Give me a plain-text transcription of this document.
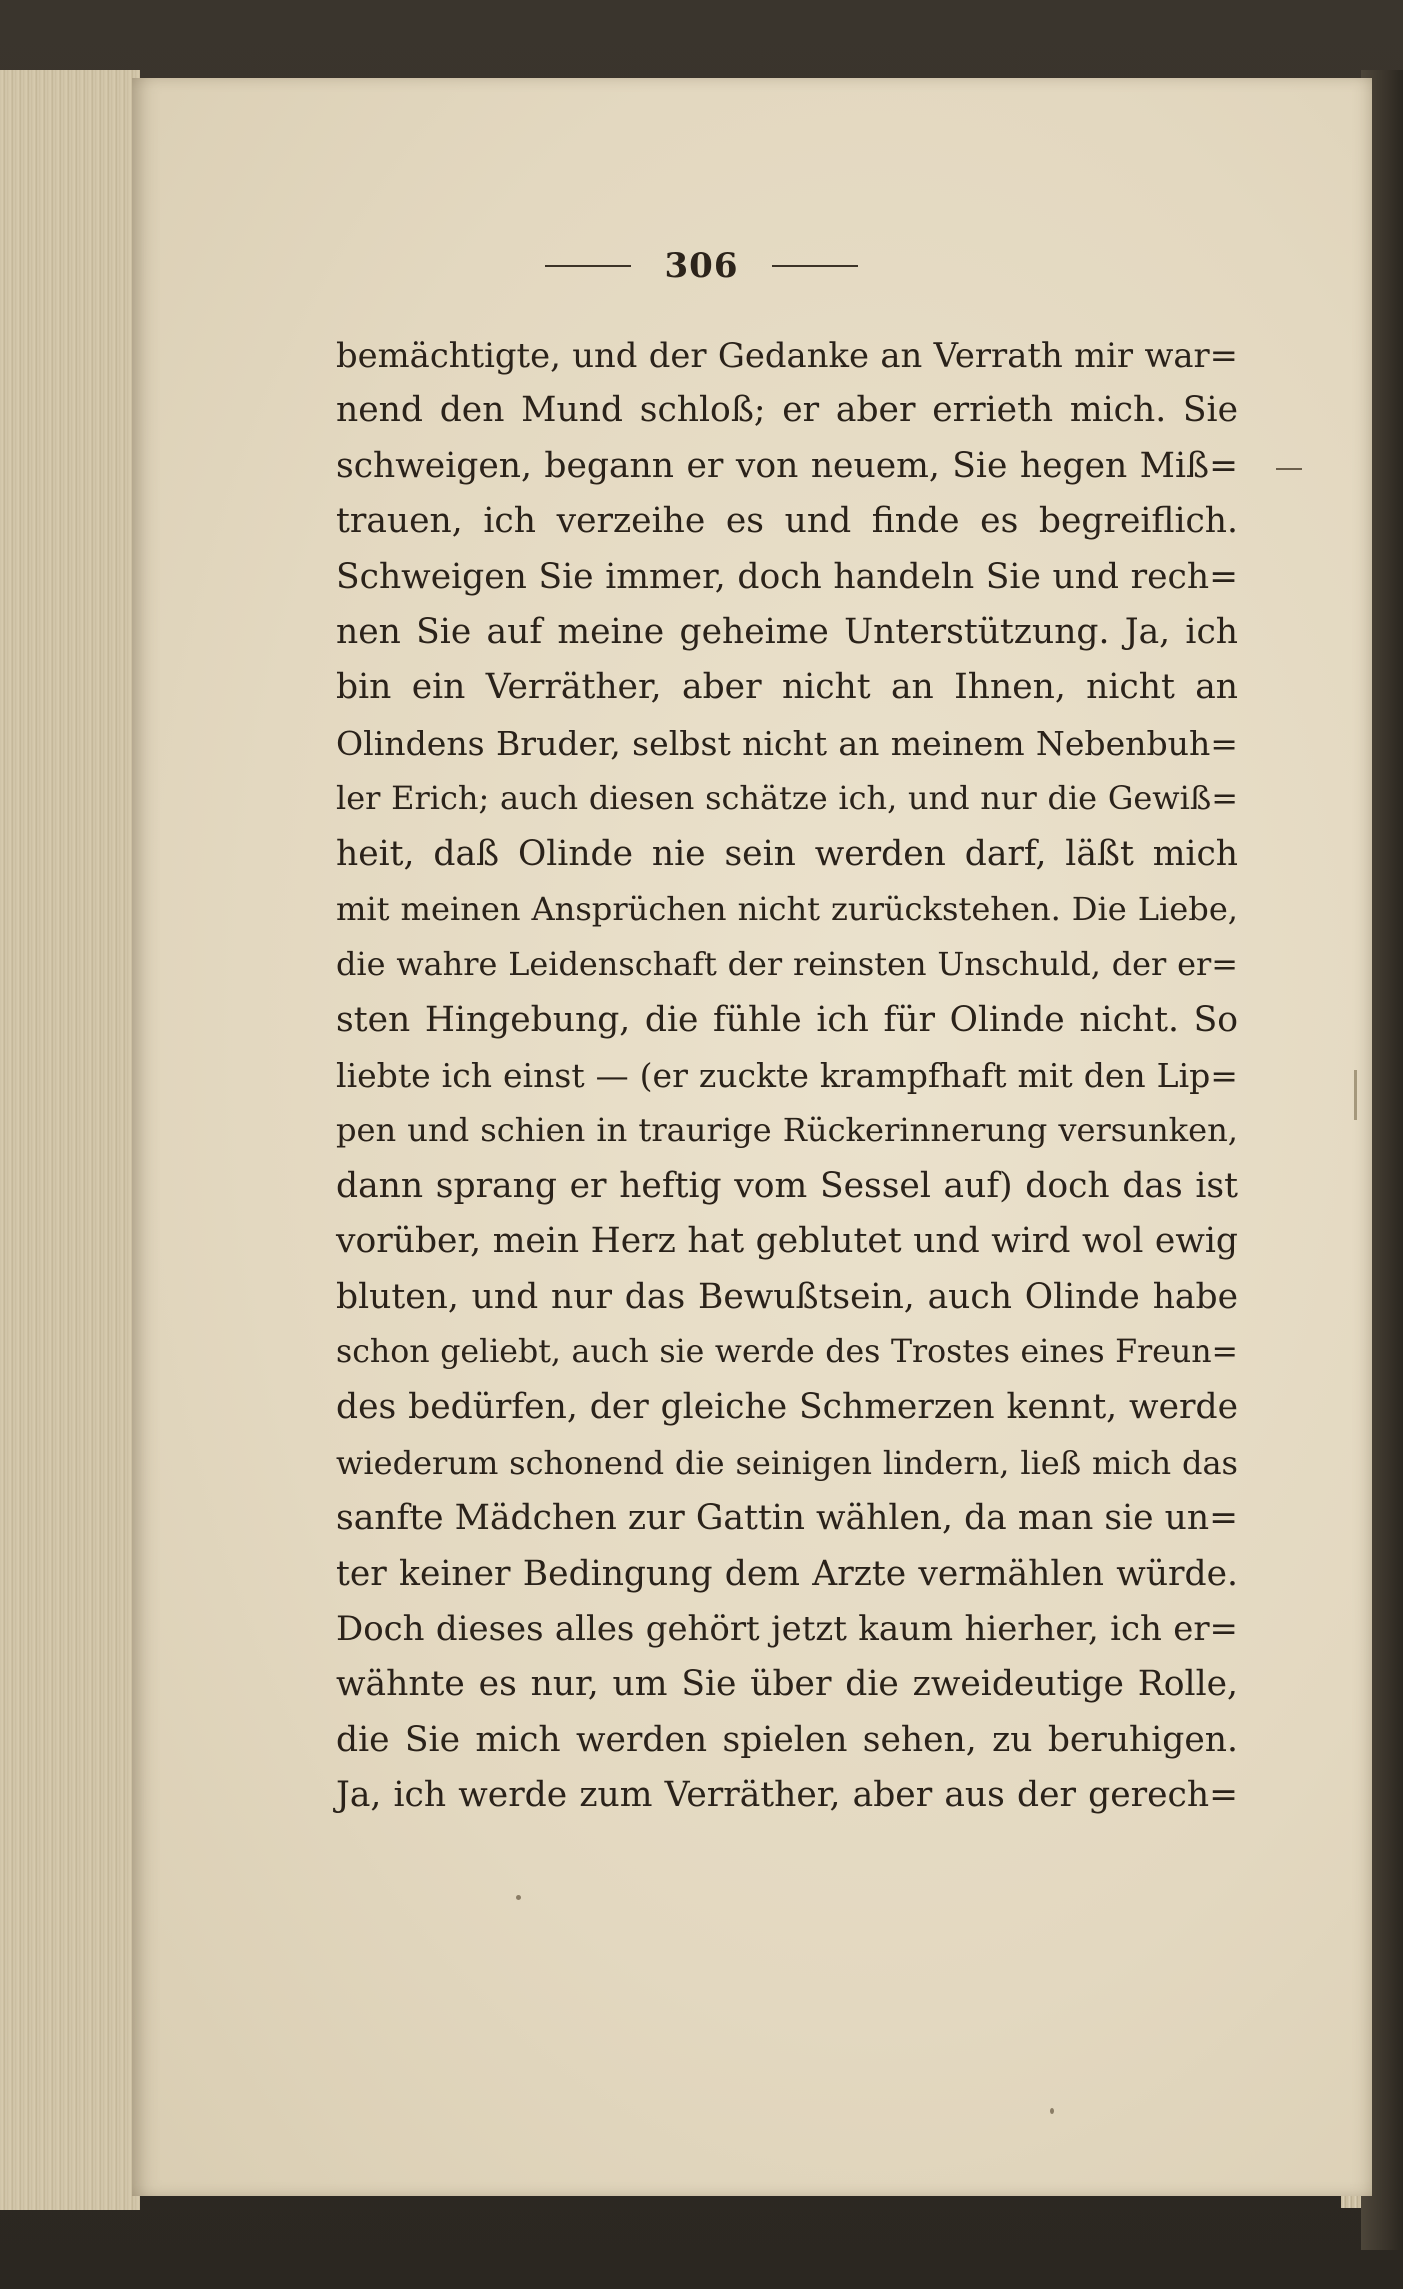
306
bemächtigte, und der Gedanke an Verrath mir war=
nend den Mund schloß; er aber errieth mich. Sie
schweigen, begann er von neuem, Sie hegen Miß=
trauen, ich verzeihe es und finde es begreiflich.
Schweigen Sie immer, doch handeln Sie und rech=
nen Sie auf meine geheime Unterstützung. Ja, ich
bin ein Verräther, aber nicht an Ihnen, nicht an
Olindens Bruder, selbst nicht an meinem Nebenbuh=
ler Erich; auch diesen schätze ich, und nur die Gewiß=
heit, daß Olinde nie sein werden darf, läßt mich
mit meinen Ansprüchen nicht zurückstehen. Die Liebe,
die wahre Leidenschaft der reinsten Unschuld, der er=
sten Hingebung, die fühle ich für Olinde nicht. So
liebte ich einst — (er zuckte krampfhaft mit den Lip=
pen und schien in traurige Rückerinnerung versunken,
dann sprang er heftig vom Sessel auf) doch das ist
vorüber, mein Herz hat geblutet und wird wol ewig
bluten, und nur das Bewußtsein, auch Olinde habe
schon geliebt, auch sie werde des Trostes eines Freun=
des bedürfen, der gleiche Schmerzen kennt, werde
wiederum schonend die seinigen lindern, ließ mich das
sanfte Mädchen zur Gattin wählen, da man sie un=
ter keiner Bedingung dem Arzte vermählen würde.
Doch dieses alles gehört jetzt kaum hierher, ich er=
wähnte es nur, um Sie über die zweideutige Rolle,
die Sie mich werden spielen sehen, zu beruhigen.
Ja, ich werde zum Verräther, aber aus der gerech=
